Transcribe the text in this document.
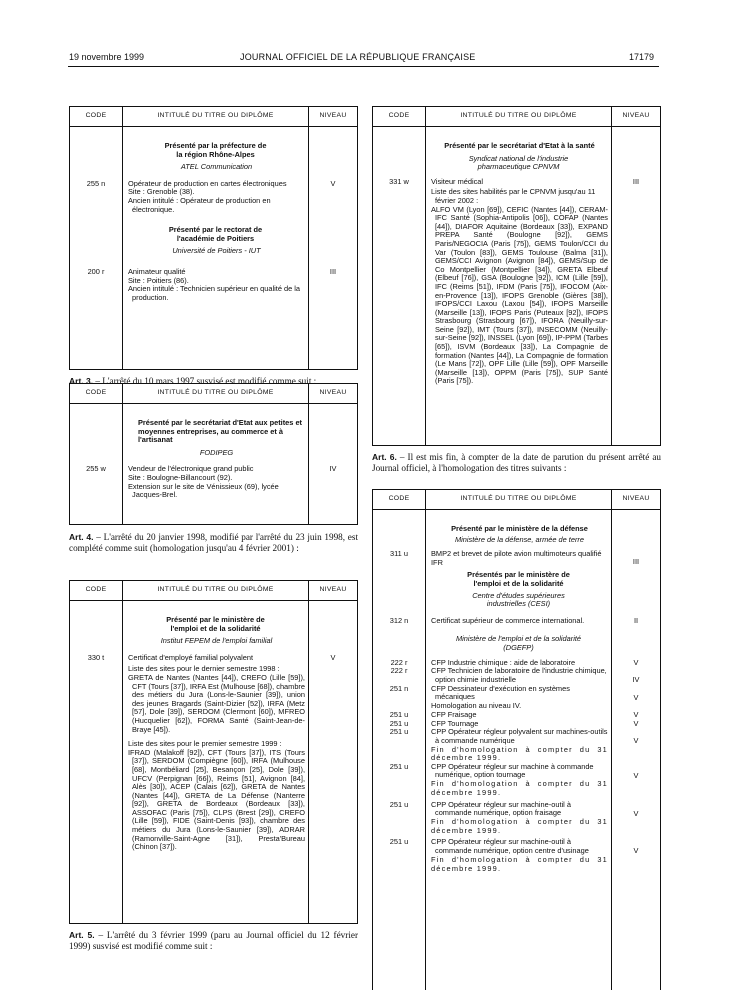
19 novembre 1999	JOURNAL OFFICIEL DE LA RÉPUBLIQUE FRANÇAISE	17179
CODE	INTITULÉ DU TITRE OU DIPLÔME	NIVEAU
Présenté par la préfecture de la région Rhône-Alpes
ATEL Communication
255 n	Opérateur de production en cartes électroniques	V
Site : Grenoble (38).
Ancien intitulé : Opérateur de production en électronique.
Présenté par le rectorat de l'académie de Poitiers
Université de Poitiers - IUT
200 r	Animateur qualité	III
Site : Poitiers (86).
Ancien intitulé : Technicien supérieur en qualité de la production.
Art. 3. – L'arrêté du 10 mars 1997 susvisé est modifié comme suit :
CODE	INTITULÉ DU TITRE OU DIPLÔME	NIVEAU
Présenté par le secrétariat d'Etat aux petites et moyennes entreprises, au commerce et à l'artisanat
FODIPEG
255 w	Vendeur de l'électronique grand public	IV
Site : Boulogne-Billancourt (92).
Extension sur le site de Vénissieux (69), lycée Jacques-Brel.
Art. 4. – L'arrêté du 20 janvier 1998, modifié par l'arrêté du 23 juin 1998, est complété comme suit (homologation jusqu'au 4 février 2001) :
CODE	INTITULÉ DU TITRE OU DIPLÔME	NIVEAU
Présenté par le ministère de l'emploi et de la solidarité
Institut FEPEM de l'emploi familial
330 t	Certificat d'employé familial polyvalent	V
Liste des sites pour le dernier semestre 1998 :
GRETA de Nantes (Nantes [44]), CREFO (Lille [59]), CFT (Tours [37]), IRFA Est (Mulhouse [68]), chambre des métiers du Jura (Lons-le-Saunier [39]), union des jeunes Bragards (Saint-Dizier [52]), IRFA (Metz [57], Dole [39]), SERDOM (Clermont [60]), MFREO (Hucquelier [62]), FORMA Santé (Saint-Jean-de-Braye [45]).
Liste des sites pour le premier semestre 1999 :
IFRAD (Malakoff [92]), CFT (Tours [37]), ITS (Tours [37]), SERDOM (Compiègne [60]), IRFA (Mulhouse [68], Montbéliard [25], Besançon [25], Dole [39]), UFCV (Perpignan [66]), Reims [51], Avignon [84], Alès [30]), ACEP (Calais [62]), GRETA de Nantes (Nantes [44]), GRETA de La Défense (Nanterre [92]), GRETA de Bordeaux (Bordeaux [33]), ASSOFAC (Paris [75]), CLPS (Brest [29]), CREFO (Lille [59]), FIDE (Saint-Denis [93]), chambre des métiers du Jura (Lons-le-Saunier [39]), ADRAR (Ramonville-Saint-Agne [31]), Presta'Bureau (Chinon [37]).
Art. 5. – L'arrêté du 3 février 1999 (paru au Journal officiel du 12 février 1999) susvisé est modifié comme suit :
CODE	INTITULÉ DU TITRE OU DIPLÔME	NIVEAU
Présenté par le secrétariat d'Etat à la santé
Syndicat national de l'industrie pharmaceutique CPNVM
331 w	Visiteur médical	III
Liste des sites habilités par le CPNVM jusqu'au 11 février 2002 :
ALFO VM (Lyon [69]), CEFIC (Nantes [44]), CERAM-IFC Santé (Sophia-Antipolis [06]), COFAP (Nantes [44]), DIAFOR Aquitaine (Bordeaux [33]), EXPAND PREPA Santé (Boulogne [92]), GEMS Paris/NEGOCIA (Paris [75]), GEMS Toulon/CCI du Var (Toulon [83]), GEMS Toulouse (Balma [31]), GEMS/CCI Avignon (Avignon [84]), GEMS/Sup de Co Montpellier (Montpellier [34]), GRETA Elbeuf (Elbeuf [76]), GSA (Boulogne [92]), ICM (Lille [59]), IFC (Reims [51]), IFDM (Paris [75]), IFOCOM (Aix-en-Provence [13]), IFOPS Grenoble (Gières [38]), IFOPS/CCI Laxou (Laxou [54]), IFOPS Marseille (Marseille [13]), IFOPS Paris (Puteaux [92]), IFOPS Strasbourg (Strasbourg [67]), IFORA (Neuilly-sur-Seine [92]), IMT (Tours [37]), INSECOMM (Neuilly-sur-Seine [92]), INSSEL (Lyon [69]), IP-PPM (Tarbes [65]), ISVM (Bordeaux [33]), La Compagnie de formation (Nantes [44]), La Compagnie de formation (Le Mans [72]), OPF Lille (Lille [59]), OPF Marseille (Marseille [13]), OPPM (Paris [75]), SUP Santé (Paris [75]).
Art. 6. – Il est mis fin, à compter de la date de parution du présent arrêté au Journal officiel, à l'homologation des titres suivants :
CODE	INTITULÉ DU TITRE OU DIPLÔME	NIVEAU
Présenté par le ministère de la défense
Ministère de la défense, armée de terre
311 u	BMP2 et brevet de pilote avion multimoteurs qualifié IFR	III
Présentés par le ministère de l'emploi et de la solidarité
Centre d'études supérieures industrielles (CESI)
312 n	Certificat supérieur de commerce international.	II
Ministère de l'emploi et de la solidarité (DGEFP)
222 r	CFP Industrie chimique : aide de laboratoire	V
222 r	CFP Technicien de laboratoire de l'industrie chimique, option chimie industrielle	IV
251 n	CFP Dessinateur d'exécution en systèmes mécaniques	V
Homologation au niveau IV.
251 u	CFP Fraisage	V
251 u	CFP Tournage	V
251 u	CPP Opérateur régleur polyvalent sur machines-outils à commande numérique	V
Fin d'homologation à compter du 31 décembre 1999.
251 u	CPP Opérateur régleur sur machine à commande numérique, option tournage	V
Fin d'homologation à compter du 31 décembre 1999.
251 u	CPP Opérateur régleur sur machine-outil à commande numérique, option fraisage	V
Fin d'homologation à compter du 31 décembre 1999.
251 u	CPP Opérateur régleur sur machine-outil à commande numérique, option centre d'usinage	V
Fin d'homologation à compter du 31 décembre 1999.
